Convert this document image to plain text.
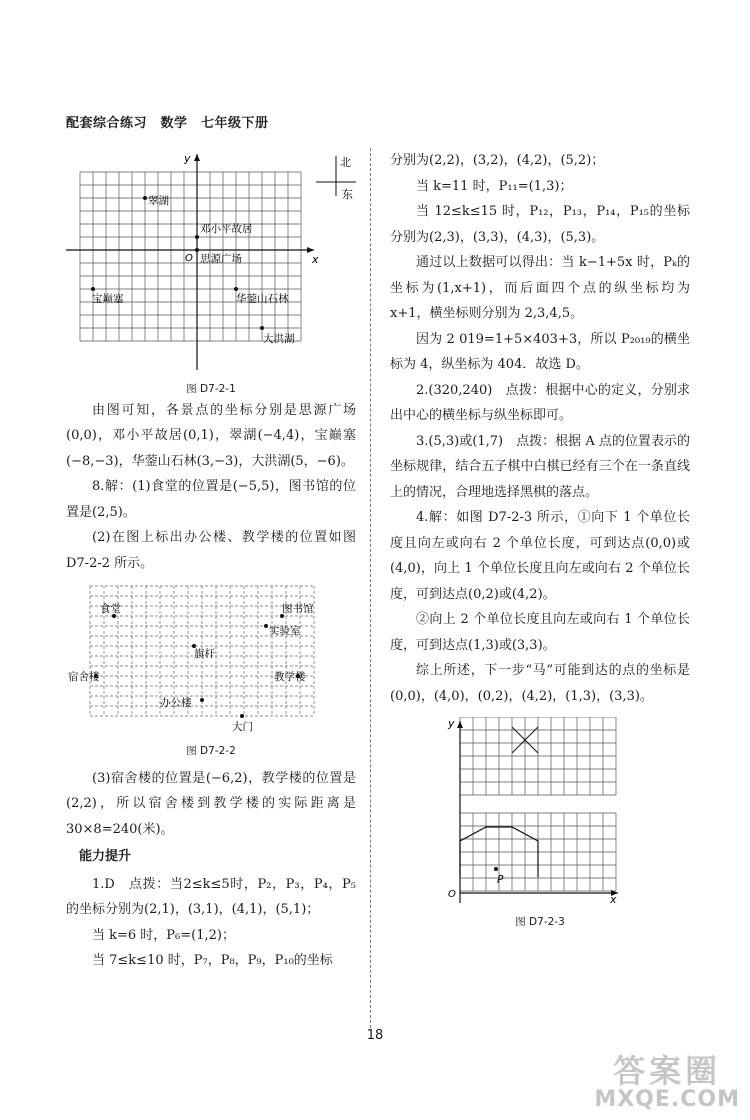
配套综合练习　数学　七年级下册
x
y
O
北
东
翠湖
邓小平故居
思源广场
宝巅塞	华蓥山石林
大洪湖
图 D7-2-1

由图可知，各景点的坐标分别是思源广场(0,0)，邓小平故居(0,1)，翠湖(−4,4)，宝巅塞(−8,−3)，华蓥山石林(3,−3)，大洪湖(5，−6)。

8.解：(1)食堂的位置是(−5,5)，图书馆的位置是(2,5)。

(2)在图上标出办公楼、教学楼的位置如图 D7-2-2 所示。

食堂	图书馆
实验室
旗杆
宿舍楼	教学楼
办公楼
大门
图 D7-2-2

(3)宿舍楼的位置是(−6,2)，教学楼的位置是(2,2)，所以宿舍楼到教学楼的实际距离是 30×8=240(米)。

能力提升

1.D　点拨：当2≤k≤5时，P₂，P₃，P₄，P₅的坐标分别为(2,1)，(3,1)，(4,1)，(5,1)；

当 k=6 时，P₆=(1,2)；

当 7≤k≤10 时，P₇，P₈，P₉，P₁₀的坐标

分别为(2,2)，(3,2)，(4,2)，(5,2)；

当 k=11 时，P₁₁=(1,3)；

当 12≤k≤15 时，P₁₂，P₁₃，P₁₄，P₁₅的坐标分别为(2,3)，(3,3)，(4,3)，(5,3)。

通过以上数据可以得出：当 k−1+5x 时，Pₖ的坐标为(1,x+1)，而后面四个点的纵坐标均为 x+1，横坐标则分别为 2,3,4,5。

因为 2 019=1+5×403+3，所以 P₂₀₁₉的横坐标为 4，纵坐标为 404．故选 D。

2.(320,240)　点拨：根据中心的定义，分别求出中心的横坐标与纵坐标即可。

3.(5,3)或(1,7)　点拨：根据 A 点的位置表示的坐标规律，结合五子棋中白棋已经有三个在一条直线上的情况，合理地选择黑棋的落点。

4.解：如图 D7-2-3 所示，①向下 1 个单位长度且向左或向右 2 个单位长度，可到达点(0,0)或(4,0)，向上 1 个单位长度且向左或向右 2 个单位长度，可到达点(0,2)或(4,2)。

②向上 2 个单位长度且向左或向右 1 个单位长度，可到达点(1,3)或(3,3)。

综上所述，下一步“马”可能到达的点的坐标是(0,0)，(4,0)，(0,2)，(4,2)，(1,3)，(3,3)。

x
y
O
P
图 D7-2-3
18
答案圈
MXQE.COM
